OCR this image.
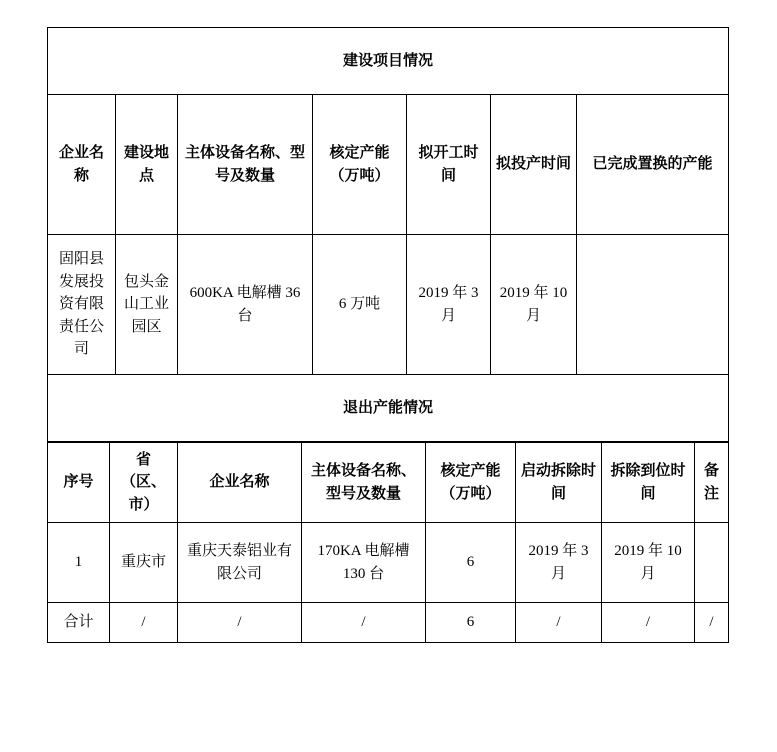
建设项目情况						
企业名称	建设地点	主体设备名称、型号及数量	核定产能（万吨）	拟开工时间	拟投产时间	已完成置换的产能
固阳县发展投资有限责任公司	包头金山工业园区	600KA 电解槽 36 台	6 万吨	2019 年 3 月	2019 年 10 月	
退出产能情况						
序号	省（区、市）	企业名称	主体设备名称、型号及数量	核定产能（万吨）	启动拆除时间	拆除到位时间	备注
1	重庆市	重庆天泰铝业有限公司	170KA 电解槽 130 台	6	2019 年 3 月	2019 年 10 月	
合计	/	/	/	6	/	/	/
